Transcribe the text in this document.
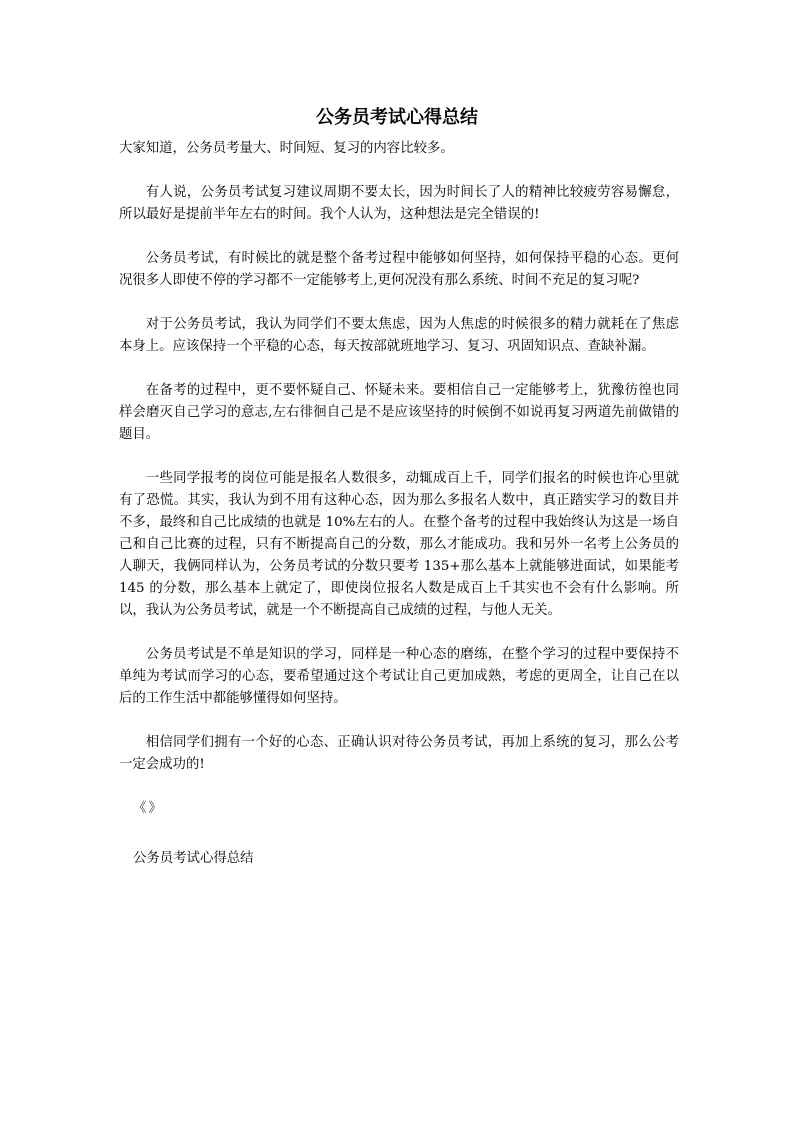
公务员考试心得总结

大家知道，公务员考量大、时间短、复习的内容比较多。

有人说，公务员考试复习建议周期不要太长，因为时间长了人的精神比较疲劳容易懈怠，所以最好是提前半年左右的时间。我个人认为，这种想法是完全错误的!

公务员考试，有时候比的就是整个备考过程中能够如何坚持，如何保持平稳的心态。更何况很多人即使不停的学习都不一定能够考上,更何况没有那么系统、时间不充足的复习呢?

对于公务员考试，我认为同学们不要太焦虑，因为人焦虑的时候很多的精力就耗在了焦虑本身上。应该保持一个平稳的心态，每天按部就班地学习、复习、巩固知识点、查缺补漏。

在备考的过程中，更不要怀疑自己、怀疑未来。要相信自己一定能够考上，犹豫彷徨也同样会磨灭自己学习的意志,左右徘徊自己是不是应该坚持的时候倒不如说再复习两道先前做错的题目。

一些同学报考的岗位可能是报名人数很多，动辄成百上千，同学们报名的时候也许心里就有了恐慌。其实，我认为到不用有这种心态，因为那么多报名人数中，真正踏实学习的数目并不多，最终和自己比成绩的也就是 10%左右的人。在整个备考的过程中我始终认为这是一场自己和自己比赛的过程，只有不断提高自己的分数，那么才能成功。我和另外一名考上公务员的人聊天，我俩同样认为，公务员考试的分数只要考 135+那么基本上就能够进面试，如果能考 145 的分数，那么基本上就定了，即使岗位报名人数是成百上千其实也不会有什么影响。所以，我认为公务员考试，就是一个不断提高自己成绩的过程，与他人无关。

公务员考试是不单是知识的学习，同样是一种心态的磨练，在整个学习的过程中要保持不单纯为考试而学习的心态，要希望通过这个考试让自己更加成熟，考虑的更周全，让自己在以后的工作生活中都能够懂得如何坚持。

相信同学们拥有一个好的心态、正确认识对待公务员考试，再加上系统的复习，那么公考一定会成功的!

《》

公务员考试心得总结
